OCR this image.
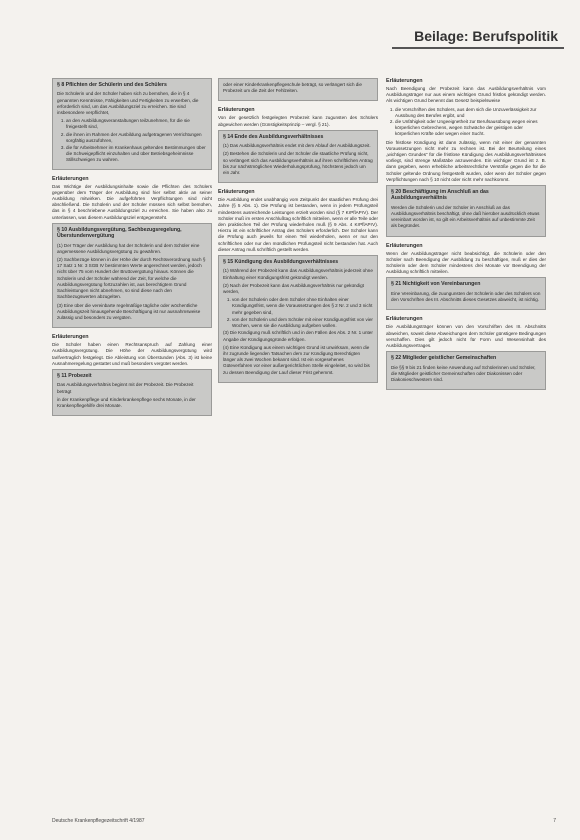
Beilage: Berufspolitik
§ 8 Pflichten der Schülerin und des Schülers

Die Schülerin und der Schüler haben sich zu bemühen, die in § 4 genannten Kenntnisse, Fähigkeiten und Fertigkeiten zu erwerben, die erforderlich sind, um das Ausbildungsziel zu erreichen. Sie sind insbesondere verpflichtet,

1. an den Ausbildungsveranstaltungen teilzunehmen, für die sie freigestellt sind,
2. die ihnen im Rahmen der Ausbildung aufgetragenen Verrichtungen sorgfältig auszuführen,
3. die für Arbeitnehmer im Krankenhaus geltenden Bestimmungen über die Schweigepflicht einzuhalten und über Betriebsgeheimnisse Stillschweigen zu wahren.
Erläuterungen

Das Wichtige der Ausbildungsinhalte sowie die Pflichten des Schülers gegenüber dem Träger der Ausbildung sind hier selbst aktiv an seiner Ausbildung mitwirken. Die aufgeführten Verpflichtungen sind nicht abschließend. Die Schülerin und der Schüler müssen sich selbst bemühen, das in § 4 beschriebene Ausbildungsziel zu erreichen. Sie haben also zu unterlassen, was diesem Ausbildungsziel entgegensteht.

§ 10 Ausbildungsvergütung, Sachbezugsregelung, Überstundenvergütung

(1) Der Träger der Ausbildung hat der Schülerin und dem Schüler eine angemessene Ausbildungsvergütung zu gewähren.

(2) Sachbezüge können in der Höhe der durch Rechtsverordnung nach § 17 Satz 1 Nr. 3 SGB IV bestimmten Werte angerechnet werden, jedoch nicht über 75 vom Hundert der Bruttovergütung hinaus. Können die Schülerin und der Schüler während der Zeit, für welche die Ausbildungsvergütung fortzuzahlen ist, aus berechtigtem Grund Sachleistungen nicht abnehmen, so sind diese nach den Sachbezugswerten abzugelten.

(3) Eine über die vereinbarte regelmäßige tägliche oder wöchentliche Ausbildungszeit hinausgehende Beschäftigung ist nur ausnahmsweise zulässig und besonders zu vergüten.

Erläuterungen

Die Schüler haben einen Rechtsanspruch auf Zahlung einer Ausbildungsvergütung. Die Höhe der Ausbildungsvergütung wird tarifvertraglich festgelegt. Die Ableistung von Überstunden (Abs. 3) ist keine Ausnahmeregelung gestattet und muß besonders vergütet werden.

§ 11 Probezeit

Das Ausbildungsverhältnis beginnt mit der Probezeit. Die Probezeit beträgt

in der Krankenpflege und Kinderkrankenpflege sechs Monate, in der Krankenpflegehilfe drei Monate.

oder einer Kinderkrankenpflegeschule beträgt, so verlängert sich die Probezeit um die Zeit der Fehlzeiten.

Erläuterungen

Von der gesetzlich festgelegten Probezeit kann zugunsten des Schülers abgewichen werden (Günstigkeitsprinzip – vergl. § 21).

§ 14 Ende des Ausbildungsverhältnisses

(1) Das Ausbildungsverhältnis endet mit dem Ablauf der Ausbildungszeit.

(2) Bestehen die Schülerin und der Schüler die staatliche Prüfung nicht, so verlängert sich das Ausbildungsverhältnis auf ihren schriftlichen Antrag bis zur nächstmöglichen Wiederholungsprüfung, höchstens jedoch um ein Jahr.

Erläuterungen

Die Ausbildung endet unabhängig vom Zeitpunkt der staatlichen Prüfung drei Jahre (§ 5 Abs. 1). Die Prüfung ist bestanden, wenn in jedem Prüfungsteil mindestens ausreichende Leistungen erzielt worden sind (§ 7 KrPflAPrV). Der Schüler muß im ersten Anschlußtag schriftlich mitteilen, wenn er alle Teile oder den praktischen Teil der Prüfung wiederholen muß (§ 9 Abs. 4 KrPflAPrV). Hierzu ist ein schriftlicher Antrag des Schülers erforderlich. Der Schüler kann die Prüfung auch jeweils für einen Teil wiederholen, wenn er nur den schriftlichen oder nur den mündlichen Prüfungsteil nicht bestanden hat. Auch dieser Antrag muß schriftlich gestellt werden.

§ 15 Kündigung des Ausbildungsverhältnisses

(1) Während der Probezeit kann das Ausbildungsverhältnis jederzeit ohne Einhaltung einer Kündigungsfrist gekündigt werden.

(2) Nach der Probezeit kann das Ausbildungsverhältnis nur gekündigt werden,

1. von der Schülerin oder dem Schüler ohne Einhalten einer Kündigungsfrist, wenn die Voraussetzungen des § 2 Nr. 2 und 3 nicht mehr gegeben sind,
2. von der Schülerin und dem Schüler mit einer Kündigungsfrist von vier Wochen, wenn sie die Ausbildung aufgeben wollen.

(3) Die Kündigung muß schriftlich und in den Fällen des Abs. 2 Nr. 1 unter Angabe der Kündigungsgründe erfolgen.

(4) Eine Kündigung aus einem wichtigen Grund ist unwirksam, wenn die ihr zugrunde liegenden Tatsachen dem zur Kündigung Berechtigten länger als zwei Wochen bekannt sind. Ist ein vorgesehenes Güteverfahren vor einer außergerichtlichen Stelle eingeleitet, so wird bis zu dessen Beendigung der Lauf dieser Frist gehemmt.

Erläuterungen

Nach Beendigung der Probezeit kann das Ausbildungsverhältnis vom Ausbildungsträger nur aus einem wichtigen Grund fristlos gekündigt werden. Als wichtigen Grund benennt das Gesetz beispielsweise

1. die Vorschriften des Schülers, aus dem sich die Unzuverlässigkeit zur Ausübung des Berufes ergibt, und
2. die Unfähigkeit oder Ungeeignetheit zur Berufsausübung wegen eines körperlichen Gebrechens, wegen Schwäche der geistigen oder körperlichen Kräfte oder wegen einer Sucht.

Die fristlose Kündigung ist dann zulässig, wenn mit einer der genannten Voraussetzungen nicht mehr zu rechnen ist. Bei der Beurteilung eines „wichtigen Grundes“ für die fristlose Kündigung des Ausbildungsverhältnisses vorliegt, sind strenge Maßstäbe anzuwenden. Ein wichtiger Grund ist z. B. dann gegeben, wenn erhebliche arbeitsrechtliche Verstöße gegen die für die Schüler geltende Ordnung festgestellt wurden, oder wenn der Schüler gegen Verpflichtungen nach § 10 nicht oder nicht mehr nachkommt.

§ 20 Beschäftigung im Anschluß an das Ausbildungsverhältnis

Werden die Schülerin und der Schüler im Anschluß an das Ausbildungsverhältnis beschäftigt, ohne daß hierüber ausdrücklich etwas vereinbart worden ist, so gilt ein Arbeitsverhältnis auf unbestimmte Zeit als begründet.

Erläuterungen

Wenn der Ausbildungsträger nicht beabsichtigt, die Schülerin oder den Schüler nach Beendigung der Ausbildung zu beschäftigen, muß er dies der Schülerin oder dem Schüler mindestens drei Monate vor Beendigung der Ausbildung schriftlich mitteilen.

§ 21 Nichtigkeit von Vereinbarungen

Eine Vereinbarung, die zuungunsten der Schülerin oder des Schülers von den Vorschriften des III. Abschnitts dieses Gesetzes abweicht, ist nichtig.

Erläuterungen

Die Ausbildungsträger können von den Vorschriften des III. Abschnitts abweichen, soweit diese Abweichungen dem Schüler günstigere Bedingungen verschaffen. Dies gilt jedoch nicht für Form und Wesensinhalt des Ausbildungsvertrages.

§ 22 Mitglieder geistlicher Gemeinschaften

Die §§ 9 bis 21 finden keine Anwendung auf Schülerinnen und Schüler, die Mitglieder geistlicher Gemeinschaften oder Diakonissen oder Diakonieschwestern sind.

Deutsche Krankenpflegezeitschrift 4/1987	7
